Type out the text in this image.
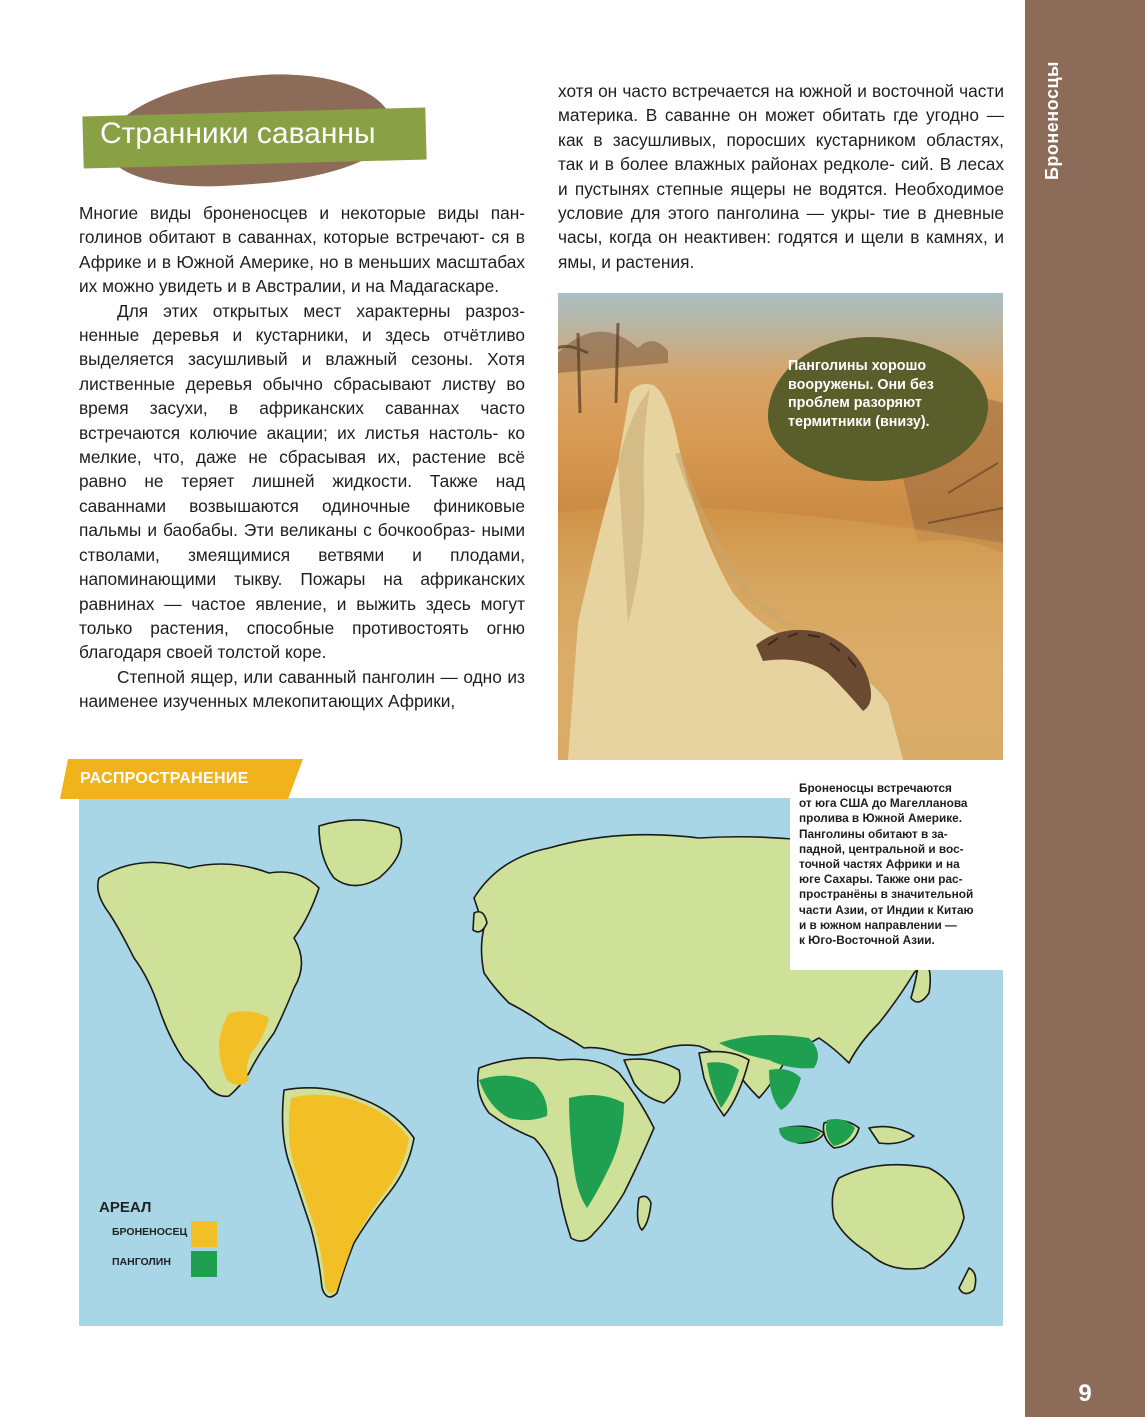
Броненосцы
9
Странники саванны

Многие виды броненосцев и некоторые виды пан- голинов обитают в саваннах, которые встречают- ся в Африке и в Южной Америке, но в меньших масштабах их можно увидеть и в Австралии, и на Мадагаскаре.

Для этих открытых мест характерны разроз- ненные деревья и кустарники, и здесь отчётливо выделяется засушливый и влажный сезоны. Хотя лиственные деревья обычно сбрасывают листву во время засухи, в африканских саваннах часто встречаются колючие акации; их листья настоль- ко мелкие, что, даже не сбрасывая их, растение всё равно не теряет лишней жидкости. Также над саваннами возвышаются одиночные финиковые пальмы и баобабы. Эти великаны с бочкообраз- ными стволами, змеящимися ветвями и плодами, напоминающими тыкву. Пожары на африканских равнинах — частое явление, и выжить здесь могут только растения, способные противостоять огню благодаря своей толстой коре.

Степной ящер, или саванный панголин — одно из наименее изученных млекопитающих Африки,

хотя он часто встречается на южной и восточной части материка. В саванне он может обитать где угодно — как в засушливых, поросших кустарником областях, так и в более влажных районах редколе- сий. В лесах и пустынях степные ящеры не водятся. Необходимое условие для этого панголина — укры- тие в дневные часы, когда он неактивен: годятся и щели в камнях, и ямы, и растения.

Панголины хорошо
вооружены. Они без
проблем разоряют
термитники (внизу).
РАСПРОСТРАНЕНИЕ
Броненосцы встречаются
от юга США до Магелланова
пролива в Южной Америке.
Панголины обитают в за-
падной, центральной и вос-
точной частях Африки и на
юге Сахары. Также они рас-
пространёны в значительной
части Азии, от Индии к Китаю
и в южном направлении —
к Юго-Восточной Азии.
АРЕАЛ
БРОНЕНОСЕЦ
ПАНГОЛИН
